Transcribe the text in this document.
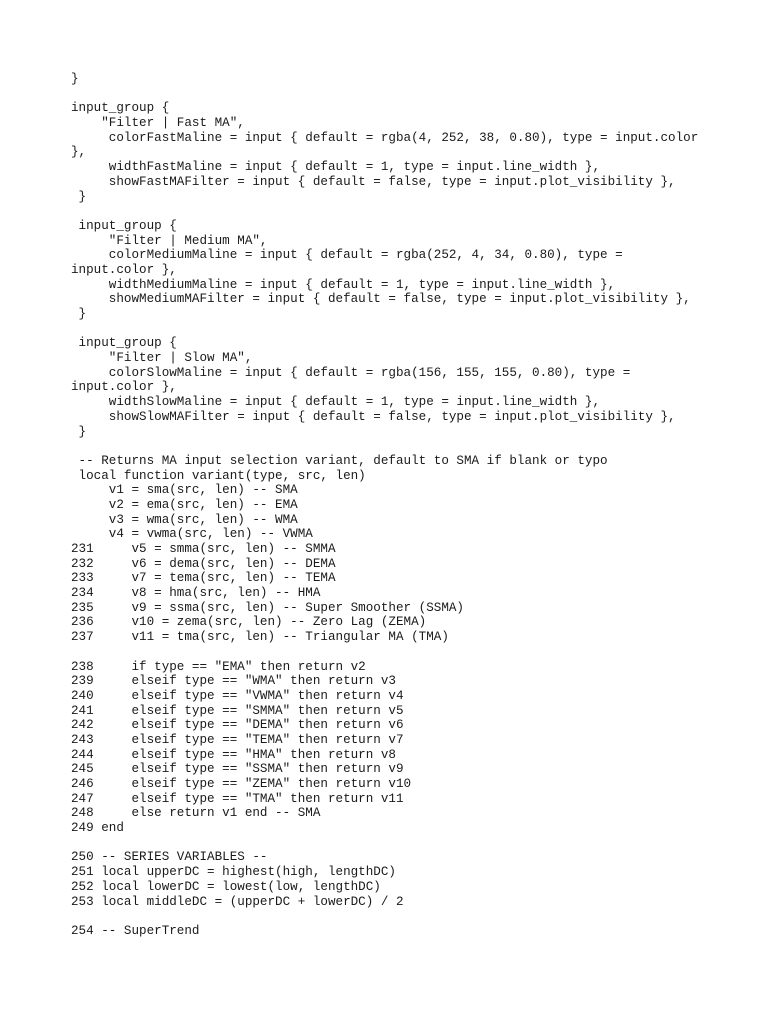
}
input_group {
"Filter | Fast MA",
colorFastMaline = input { default = rgba(4, 252, 38, 0.80), type = input.color
},
widthFastMaline = input { default = 1, type = input.line_width },
showFastMAFilter = input { default = false, type = input.plot_visibility },
}
input_group {
"Filter | Medium MA",
colorMediumMaline = input { default = rgba(252, 4, 34, 0.80), type =
input.color },
widthMediumMaline = input { default = 1, type = input.line_width },
showMediumMAFilter = input { default = false, type = input.plot_visibility },
}
input_group {
"Filter | Slow MA",
colorSlowMaline = input { default = rgba(156, 155, 155, 0.80), type =
input.color },
widthSlowMaline = input { default = 1, type = input.line_width },
showSlowMAFilter = input { default = false, type = input.plot_visibility },
}
-- Returns MA input selection variant, default to SMA if blank or typo
local function variant(type, src, len)
v1 = sma(src, len) -- SMA
v2 = ema(src, len) -- EMA
v3 = wma(src, len) -- WMA
v4 = vwma(src, len) -- VWMA
231     v5 = smma(src, len) -- SMMA
232     v6 = dema(src, len) -- DEMA
233     v7 = tema(src, len) -- TEMA
234     v8 = hma(src, len) -- HMA
235     v9 = ssma(src, len) -- Super Smoother (SSMA)
236     v10 = zema(src, len) -- Zero Lag (ZEMA)
237     v11 = tma(src, len) -- Triangular MA (TMA)
238     if type == "EMA" then return v2
239     elseif type == "WMA" then return v3
240     elseif type == "VWMA" then return v4
241     elseif type == "SMMA" then return v5
242     elseif type == "DEMA" then return v6
243     elseif type == "TEMA" then return v7
244     elseif type == "HMA" then return v8
245     elseif type == "SSMA" then return v9
246     elseif type == "ZEMA" then return v10
247     elseif type == "TMA" then return v11
248     else return v1 end -- SMA
249 end
250 -- SERIES VARIABLES --
251 local upperDC = highest(high, lengthDC)
252 local lowerDC = lowest(low, lengthDC)
253 local middleDC = (upperDC + lowerDC) / 2
254 -- SuperTrend
